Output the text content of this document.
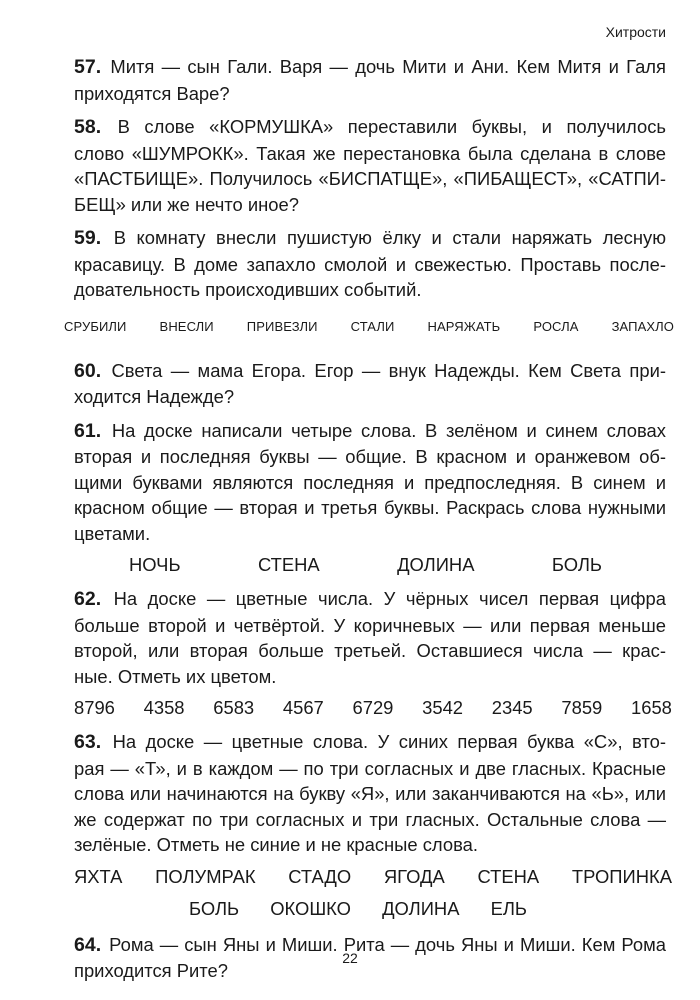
Хитрости
57. Митя — сын Гали. Варя — дочь Мити и Ани. Кем Митя и Галя
приходятся Варе?
58. В слове «КОРМУШКА» переставили буквы, и получилось
слово «ШУМРОКК». Такая же перестановка была сделана в слове
«ПАСТБИЩЕ». Получилось «БИСПАТЩЕ», «ПИБАЩЕСТ», «САТПИ-
БЕЩ» или же нечто иное?
59. В комнату внесли пушистую ёлку и стали наряжать лесную
красавицу. В доме запахло смолой и свежестью. Проставь после-
довательность происходивших событий.
СРУБИЛИ	ВНЕСЛИ	ПРИВЕЗЛИ	СТАЛИ	НАРЯЖАТЬ	РОСЛА	ЗАПАХЛО
60. Света — мама Егора. Егор — внук Надежды. Кем Света при-
ходится Надежде?
61. На доске написали четыре слова. В зелёном и синем словах
вторая и последняя буквы — общие. В красном и оранжевом об-
щими буквами являются последняя и предпоследняя. В синем и
красном общие — вторая и третья буквы. Раскрась слова нужными
цветами.
НОЧЬ	СТЕНА	ДОЛИНА	БОЛЬ
62. На доске — цветные числа. У чёрных чисел первая цифра
больше второй и четвёртой. У коричневых — или первая меньше
второй, или вторая больше третьей. Оставшиеся числа — крас-
ные. Отметь их цветом.
8796 4358 6583 4567 6729 3542 2345 7859 1658
63. На доске — цветные слова. У синих первая буква «С», вто-
рая — «Т», и в каждом — по три согласных и две гласных. Красные
слова или начинаются на букву «Я», или заканчиваются на «Ь», или
же содержат по три согласных и три гласных. Остальные слова —
зелёные. Отметь не синие и не красные слова.
ЯХТА ПОЛУМРАК СТАДО ЯГОДА СТЕНА ТРОПИНКА
БОЛЬ ОКОШКО ДОЛИНА ЕЛЬ
64. Рома — сын Яны и Миши. Рита — дочь Яны и Миши. Кем Рома
приходится Рите?
22
